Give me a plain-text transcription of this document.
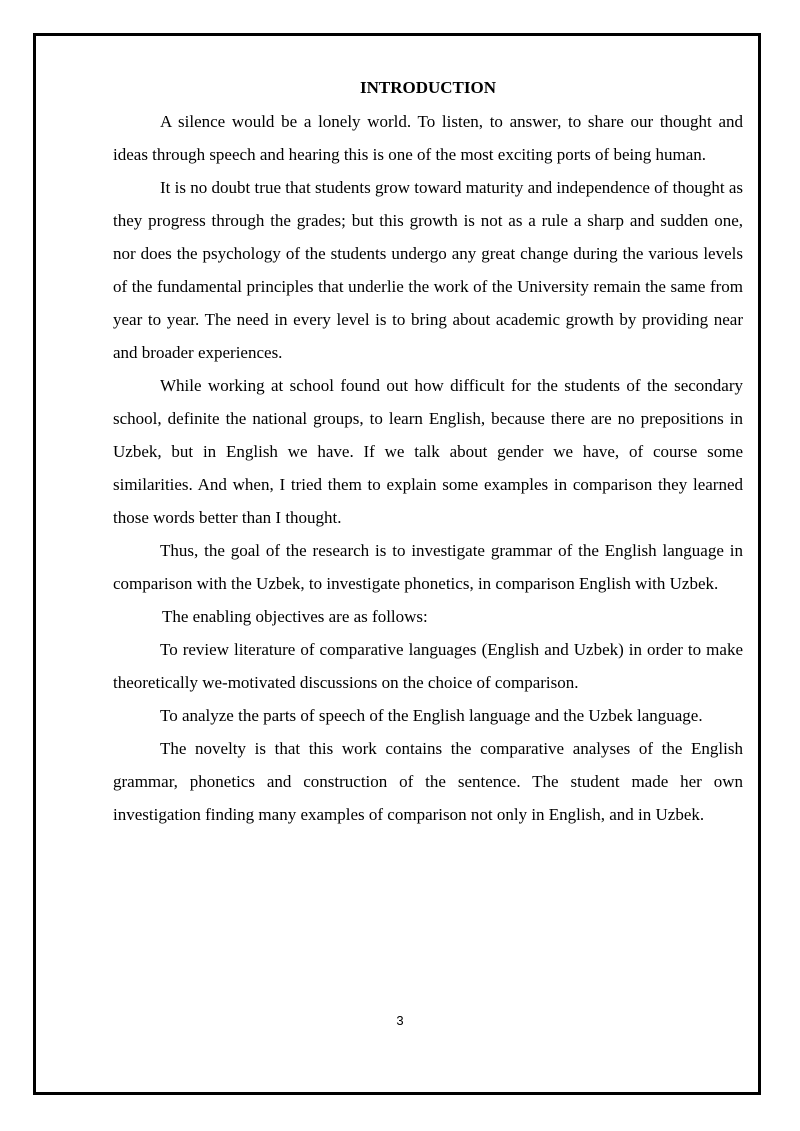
INTRODUCTION

A silence would be a lonely world. To listen, to answer, to share our thought and ideas through speech and hearing this is one of the most exciting ports of being human.

It is no doubt true that students grow toward maturity and independence of thought as they progress through the grades; but this growth is not as a rule a sharp and sudden one, nor does the psychology of the students undergo any great change during the various levels of the fundamental principles that underlie the work of the University remain the same from year to year. The need in every level is to bring about academic growth by providing near and broader experiences.

While working at school found out how difficult for the students of the secondary school, definite the national groups, to learn English, because there are no prepositions in Uzbek, but in English we have. If we talk about gender we have, of course some similarities. And when, I tried them to explain some examples in comparison they learned those words better than I thought.

Thus, the goal of the research is to investigate grammar of the English language in comparison with the Uzbek, to investigate phonetics, in comparison English with Uzbek.

The enabling objectives are as follows:

To review literature of comparative languages (English and Uzbek) in order to make theoretically we-motivated discussions on the choice of comparison.

To analyze the parts of speech of the English language and the Uzbek language.

The novelty is that this work contains the comparative analyses of the English grammar, phonetics and construction of the sentence. The student made her own investigation finding many examples of comparison not only in English, and in Uzbek.

3
